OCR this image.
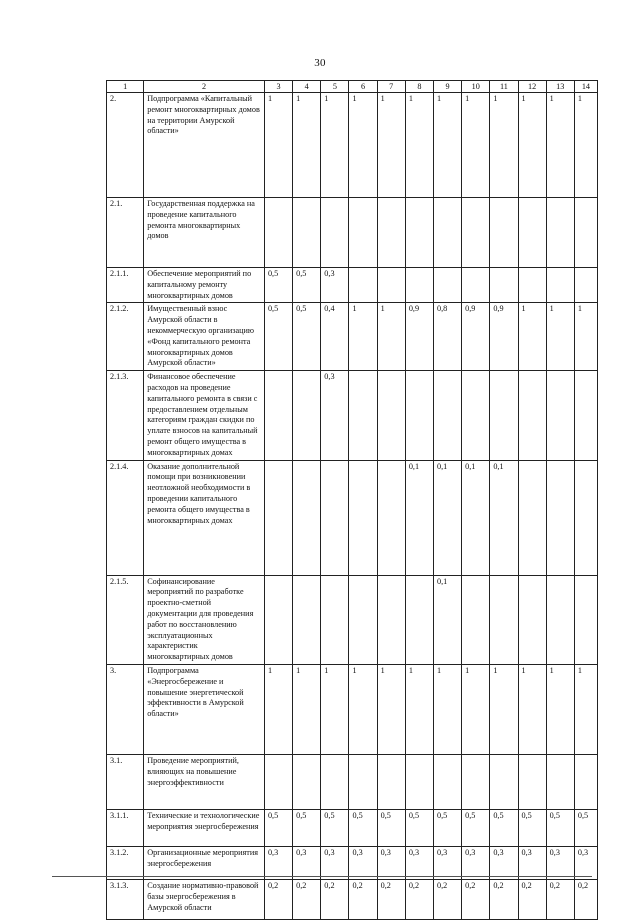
30
1	2	3	4	5	6	7	8	9	10	11	12	13	14
2.	Подпрограмма «Капитальный ремонт многоквартирных домов на территории Амурской области»	1	1	1	1	1	1	1	1	1	1	1	1
2.1.	Государственная поддержка на проведение капитального ремонта многоквартирных домов												
2.1.1.	Обеспечение мероприятий по капитальному ремонту многоквартирных домов	0,5	0,5	0,3									
2.1.2.	Имущественный взнос Амурской области в некоммерческую организацию «Фонд капитального ремонта многоквартирных домов Амурской области»	0,5	0,5	0,4	1	1	0,9	0,8	0,9	0,9	1	1	1
2.1.3.	Финансовое обеспечение расходов на проведение капитального ремонта в связи с предоставлением отдельным категориям граждан скидки по уплате взносов на капитальный ремонт общего имущества в многоквартирных домах			0,3									
2.1.4.	Оказание дополнительной помощи при возникновении неотложной необходимости в проведении капитального ремонта общего имущества в многоквартирных домах						0,1	0,1	0,1	0,1			
2.1.5.	Софинансирование мероприятий по разработке проектно-сметной документации для проведения работ по восстановлению эксплуатационных характеристик многоквартирных домов							0,1					
3.	Подпрограмма «Энергосбережение и повышение энергетической эффективности в Амурской области»	1	1	1	1	1	1	1	1	1	1	1	1
3.1.	Проведение мероприятий, влияющих на повышение энергоэффективности												
3.1.1.	Технические и технологические мероприятия энергосбережения	0,5	0,5	0,5	0,5	0,5	0,5	0,5	0,5	0,5	0,5	0,5	0,5
3.1.2.	Организационные мероприятия энергосбережения	0,3	0,3	0,3	0,3	0,3	0,3	0,3	0,3	0,3	0,3	0,3	0,3
3.1.3.	Создание нормативно-правовой базы энергосбережения в Амурской области	0,2	0,2	0,2	0,2	0,2	0,2	0,2	0,2	0,2	0,2	0,2	0,2
